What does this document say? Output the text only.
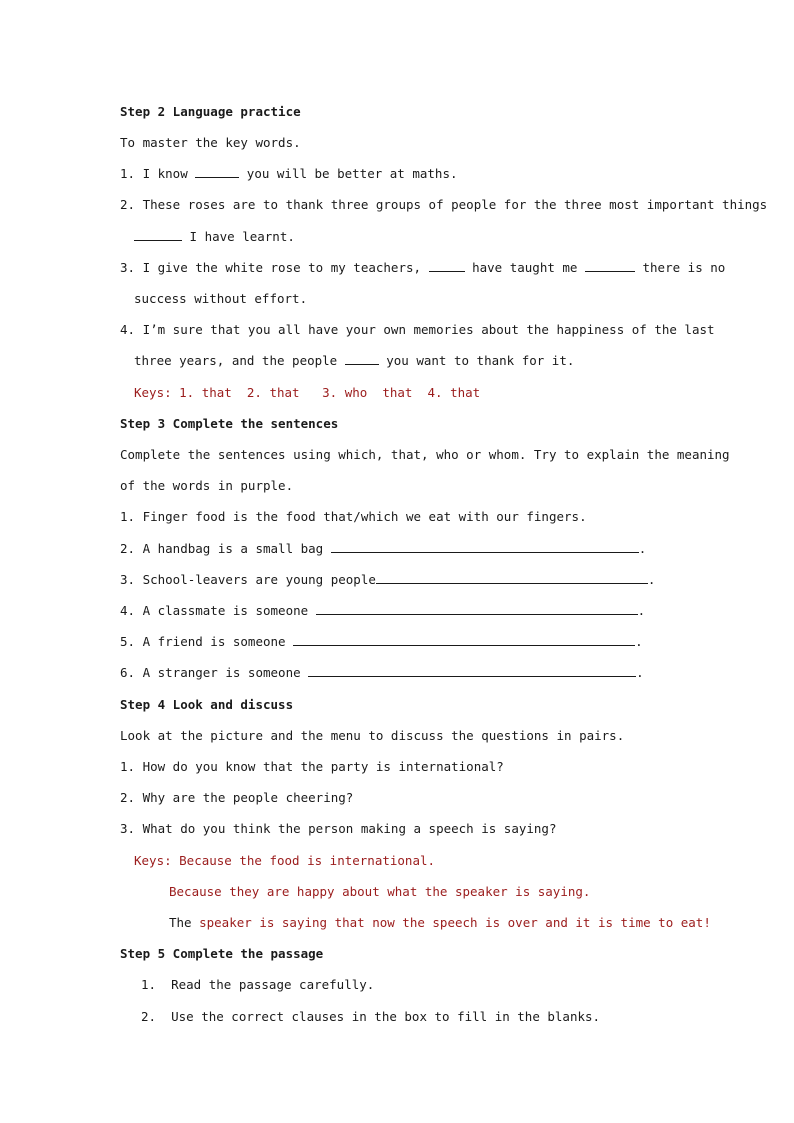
Step 2 Language practice
To master the key words.
1. I know	you will be better at maths.
2. These roses are to thank three groups of people for the three most important things
I have learnt.
3. I give the white rose to my teachers,	have taught me	there is no
success without effort.
4. I’m sure that you all have your own memories about the happiness of the last
three years, and the people	you want to thank for it.
Keys: 1. that  2. that   3. who  that  4. that
Step 3 Complete the sentences
Complete the sentences using which, that, who or whom. Try to explain the meaning
of the words in purple.
1. Finger food is the food that/which we eat with our fingers.
2. A handbag is a small bag	.
3. School-leavers are young people	.
4. A classmate is someone	.
5. A friend is someone	.
6. A stranger is someone	.
Step 4 Look and discuss
Look at the picture and the menu to discuss the questions in pairs.
1. How do you know that the party is international?
2. Why are the people cheering?
3. What do you think the person making a speech is saying?
Keys: Because the food is international.
Because they are happy about what the speaker is saying.
The speaker is saying that now the speech is over and it is time to eat!
Step 5 Complete the passage
1.  Read the passage carefully.
2.  Use the correct clauses in the box to fill in the blanks.
